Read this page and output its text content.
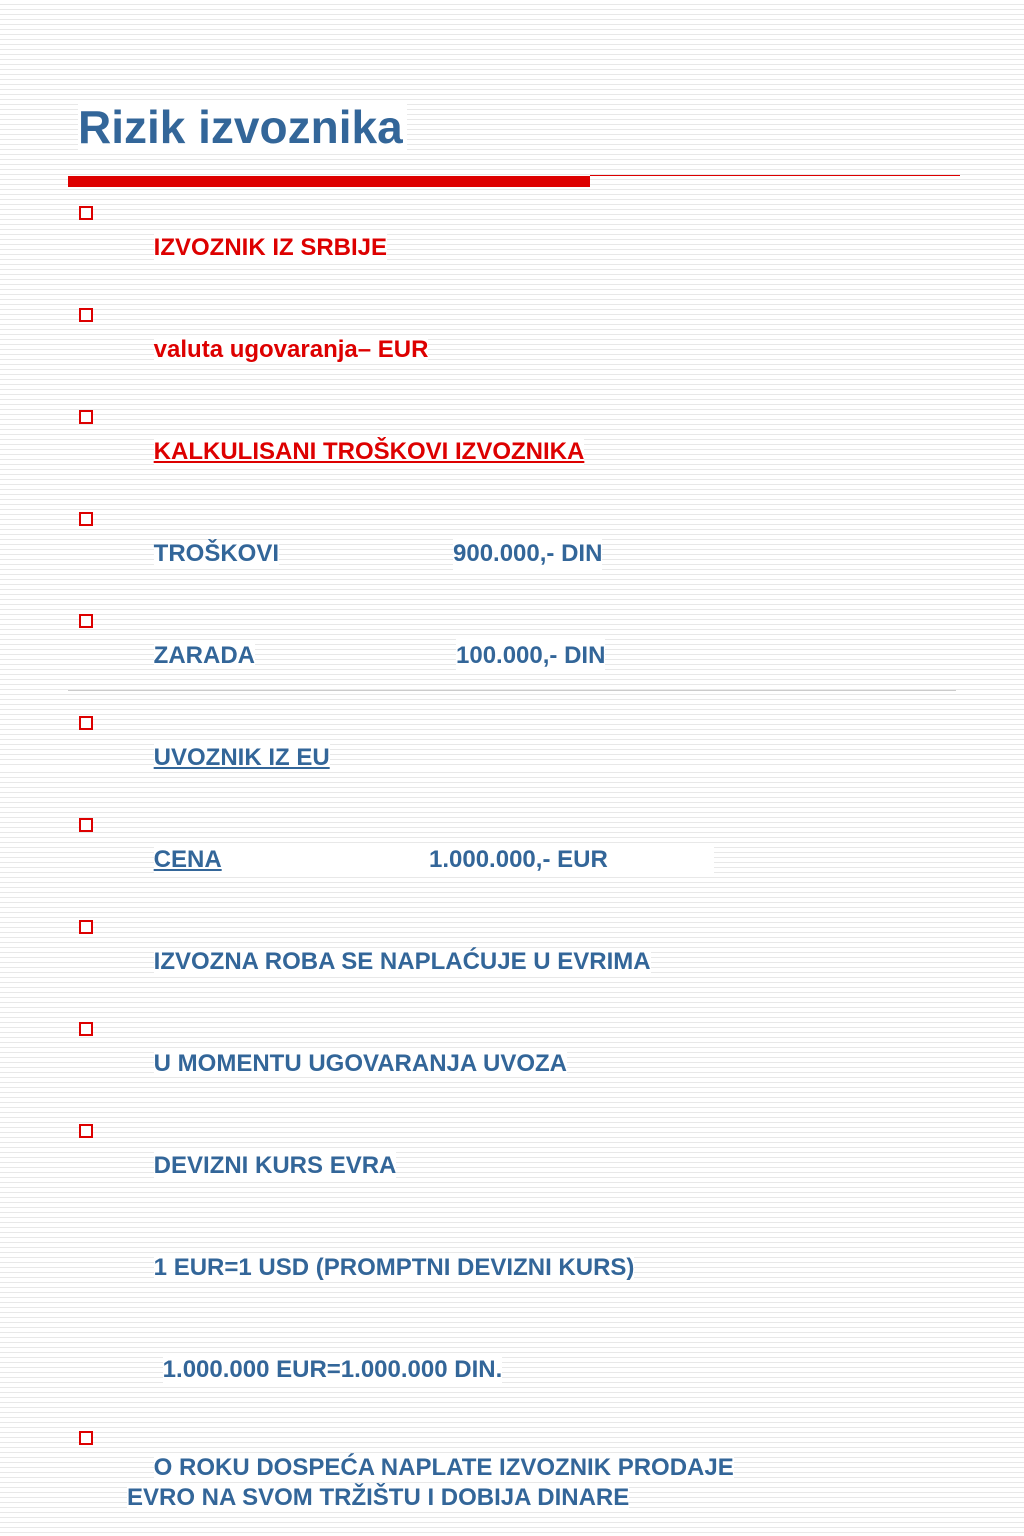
Rizik izvoznika

IZVOZNIK IZ SRBIJE

valuta ugovaranja– EUR

KALKULISANI TROŠKOVI IZVOZNIKA

TROŠKOVI	900.000,- DIN

ZARADA	100.000,- DIN

UVOZNIK IZ EU

CENA	1.000.000,- EUR

IZVOZNA ROBA SE NAPLAĆUJE U EVRIMA

U MOMENTU UGOVARANJA UVOZA

DEVIZNI KURS EVRA

1 EUR=1 USD (PROMPTNI DEVIZNI KURS)

1.000.000 EUR=1.000.000 DIN.

O ROKU DOSPEĆA NAPLATE IZVOZNIK PRODAJE
EVRO NA SVOM TRŽIŠTU I DOBIJA DINARE
